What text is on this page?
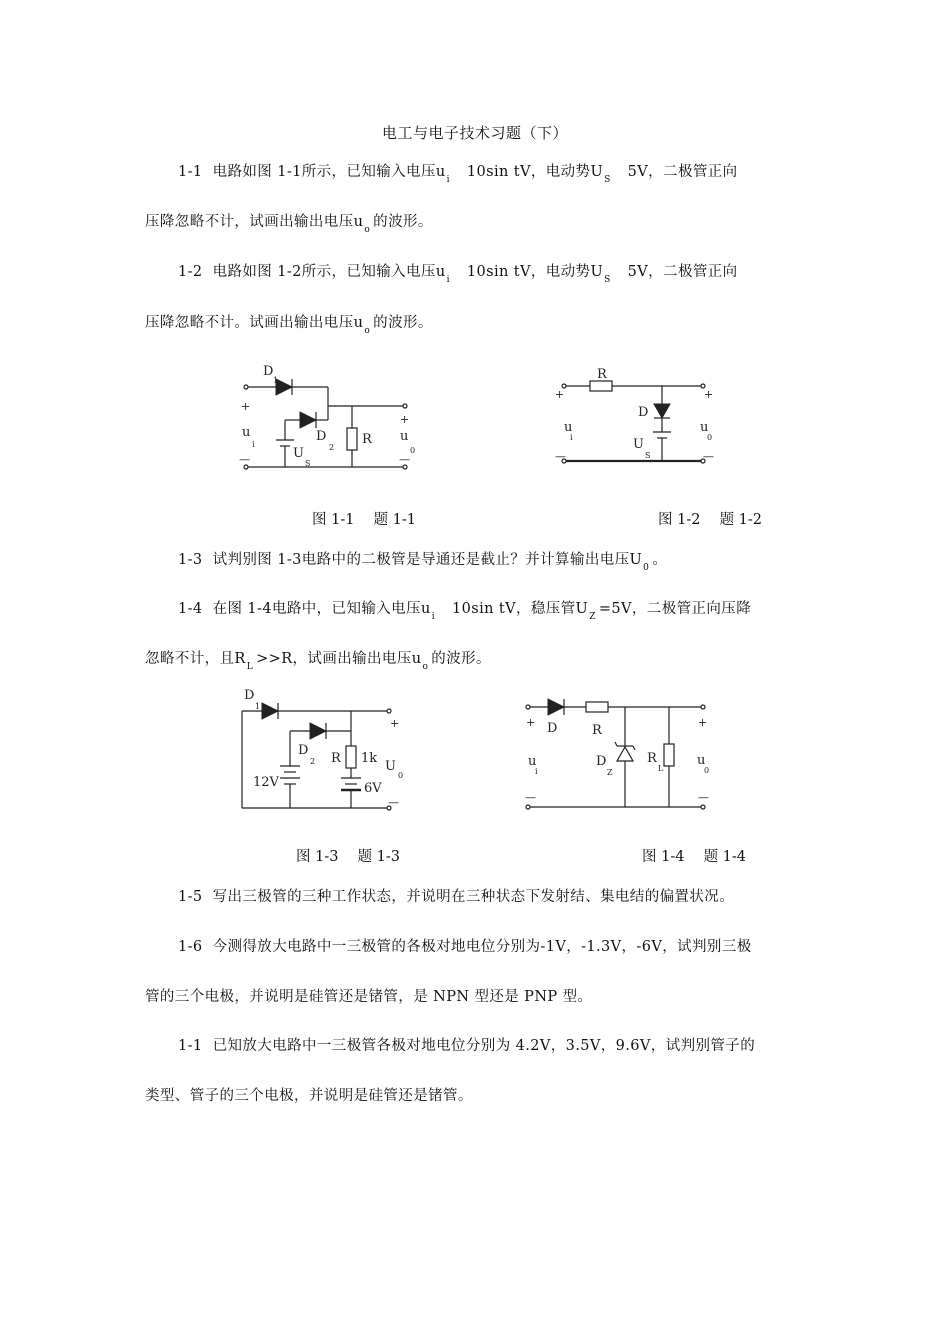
电工与电子技术习题（下）
1-1 电路如图 1-1所示，已知输入电压$u_i$ 10sin tV，电动势$U_S$ 5V，二极管正向
压降忽略不计，试画出输出电压$u_o$ 的波形。
1-2 电路如图 1-2所示，已知输入电压$u_i$ 10sin tV，电动势$U_S$ 5V，二极管正向
压降忽略不计。试画出输出电压$u_o$ 的波形。
D
1
D
2
R
U
S
+
u
i
—
+
u
0
—
图 1-1　 题 1-1
R
D
U
S
+
u
i
—
+
u
0
—
图 1-2　 题 1-2
1-3 试判别图 1-3电路中的二极管是导通还是截止？并计算输出电压$U_0$ 。
1-4 在图 1-4电路中，已知输入电压$u_i$ 10sin tV，稳压管$U_Z =5V$，二极管正向压降
忽略不计，且$R_L >>R$，试画出输出电压$u_o$ 的波形。
D
1
D
2 R 1k
12V	6V
+
U
0
—
图 1-3　 题 1-3
D	R
D
Z
R
L
+
u
i
—
+
u
0
—
图 1-4　 题 1-4
1-5 写出三极管的三种工作状态，并说明在三种状态下发射结、集电结的偏置状况。
1-6 今测得放大电路中一三极管的各极对地电位分别为-1V，-1.3V，-6V，试判别三极
管的三个电极，并说明是硅管还是锗管，是 NPN 型还是 PNP 型。
1-1 已知放大电路中一三极管各极对地电位分别为 4.2V，3.5V，9.6V，试判别管子的
类型、管子的三个电极，并说明是硅管还是锗管。
